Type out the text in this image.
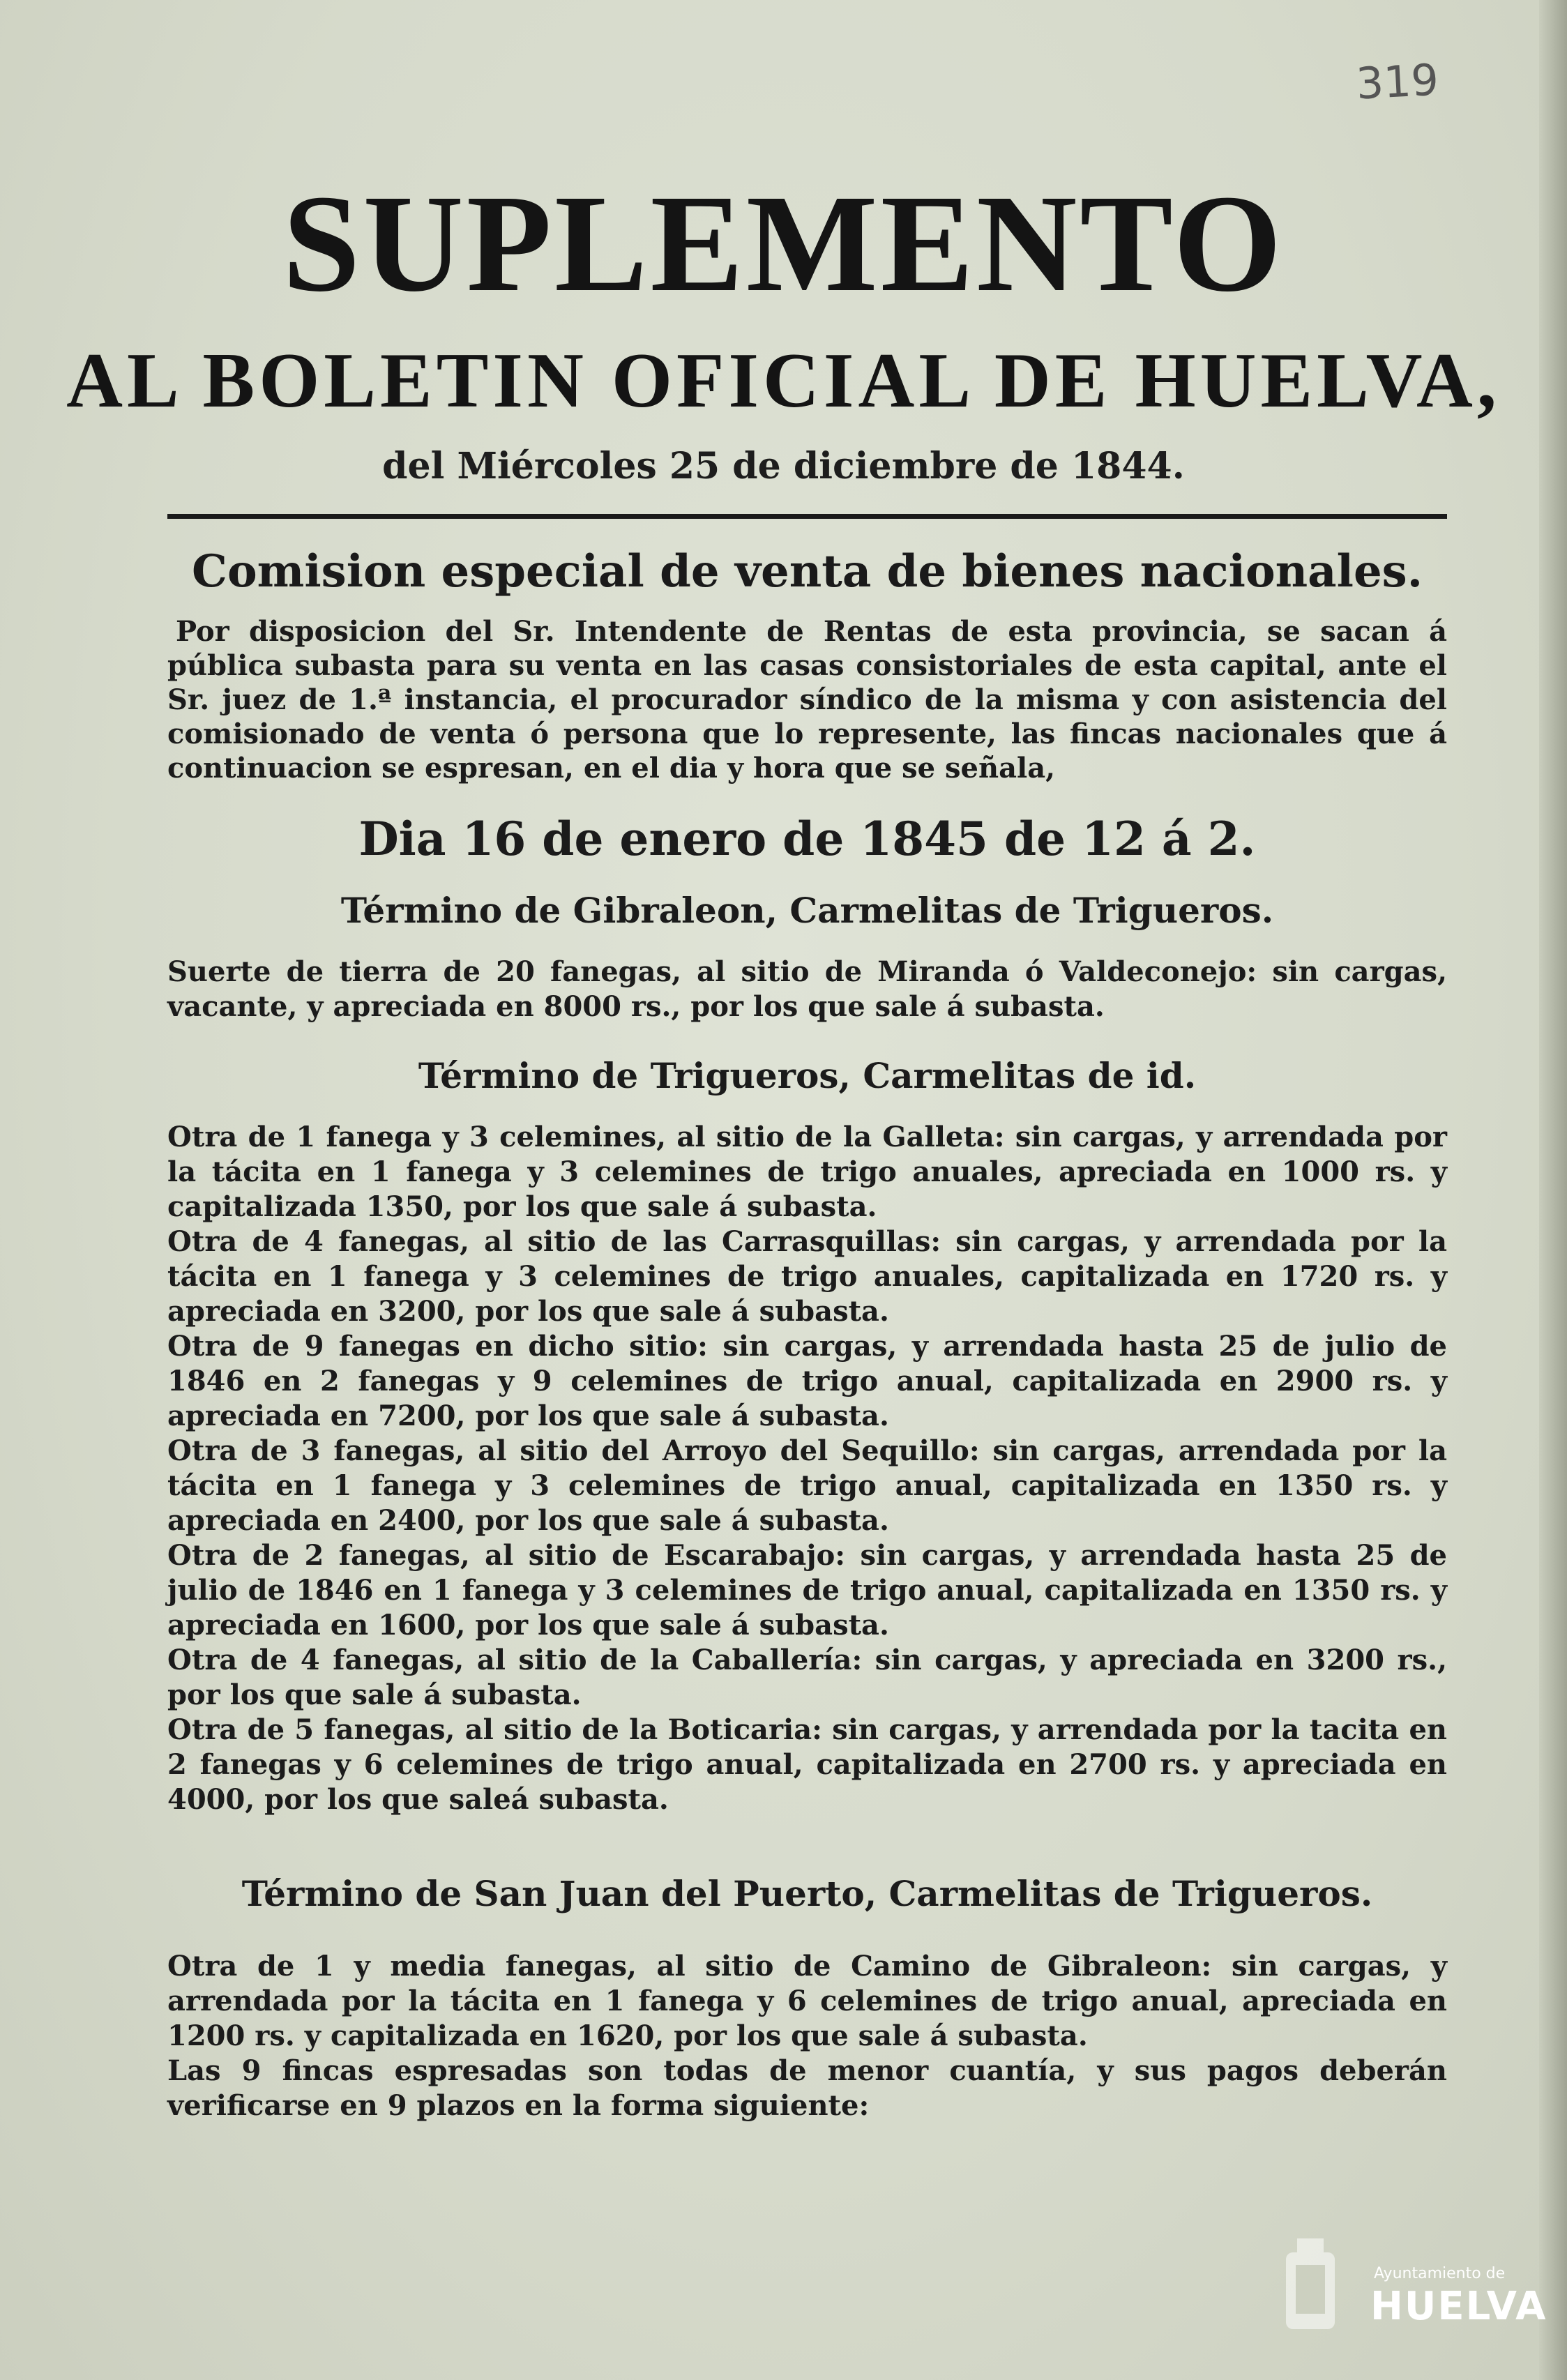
319
SUPLEMENTO
AL BOLETIN OFICIAL DE HUELVA,
del Miércoles 25 de diciembre de 1844.
Comision especial de venta de bienes nacionales.

Por disposicion del Sr. Intendente de Rentas de esta provincia, se sacan á pública subasta para su venta en las casas consistoriales de esta capital, ante el Sr. juez de 1.ª instancia, el procurador síndico de la misma y con asistencia del comisionado de venta ó persona que lo represente, las fincas nacionales que á continuacion se espresan, en el dia y hora que se señala,

Dia 16 de enero de 1845 de 12 á 2.
Término de Gibraleon, Carmelitas de Trigueros.

Suerte de tierra de 20 fanegas, al sitio de Miranda ó Valdeconejo: sin cargas, vacante, y apreciada en 8000 rs., por los que sale á subasta.

Término de Trigueros, Carmelitas de id.

Otra de 1 fanega y 3 celemines, al sitio de la Galleta: sin cargas, y arrendada por la tácita en 1 fanega y 3 celemines de trigo anuales, apreciada en 1000 rs. y capitalizada 1350, por los que sale á subasta.

Otra de 4 fanegas, al sitio de las Carrasquillas: sin cargas, y arrendada por la tácita en 1 fanega y 3 celemines de trigo anuales, capitalizada en 1720 rs. y apreciada en 3200, por los que sale á subasta.

Otra de 9 fanegas en dicho sitio: sin cargas, y arrendada hasta 25 de julio de 1846 en 2 fanegas y 9 celemines de trigo anual, capitalizada en 2900 rs. y apreciada en 7200, por los que sale á subasta.

Otra de 3 fanegas, al sitio del Arroyo del Sequillo: sin cargas, arrendada por la tácita en 1 fanega y 3 celemines de trigo anual, capitalizada en 1350 rs. y apreciada en 2400, por los que sale á subasta.

Otra de 2 fanegas, al sitio de Escarabajo: sin cargas, y arrendada hasta 25 de julio de 1846 en 1 fanega y 3 celemines de trigo anual, capitalizada en 1350 rs. y apreciada en 1600, por los que sale á subasta.

Otra de 4 fanegas, al sitio de la Caballería: sin cargas, y apreciada en 3200 rs., por los que sale á subasta.

Otra de 5 fanegas, al sitio de la Boticaria: sin cargas, y arrendada por la tacita en 2 fanegas y 6 celemines de trigo anual, capitalizada en 2700 rs. y apreciada en 4000, por los que saleá subasta.

Término de San Juan del Puerto, Carmelitas de Trigueros.

Otra de 1 y media fanegas, al sitio de Camino de Gibraleon: sin cargas, y arrendada por la tácita en 1 fanega y 6 celemines de trigo anual, apreciada en 1200 rs. y capitalizada en 1620, por los que sale á subasta.

Las 9 fincas espresadas son todas de menor cuantía, y sus pagos deberán verificarse en 9 plazos en la forma siguiente:

Ayuntamiento de
HUELVA
